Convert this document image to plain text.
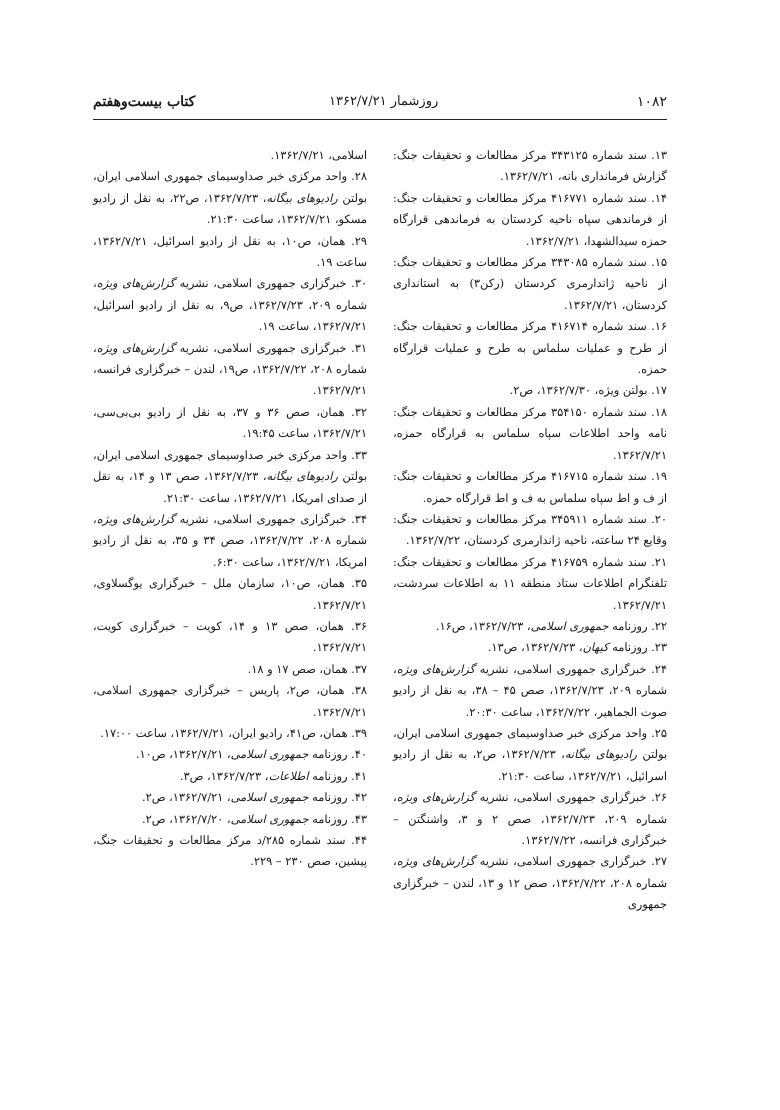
۱۰۸۲
روزشمار ۱۳۶۲/۷/۲۱
کتاب بیست‌وهفتم

۱۳. سند شماره ۳۴۳۱۲۵ مرکز مطالعات و تحقیقات جنگ: گزارش فرمانداری بانه، ۱۳۶۲/۷/۲۱.

۱۴. سند شماره ۴۱۶۷۷۱ مرکز مطالعات و تحقیقات جنگ: از فرماندهی سپاه ناحیه کردستان به فرماندهی قرارگاه حمزه سیدالشهدا، ۱۳۶۲/۷/۲۱.

۱۵. سند شماره ۳۴۳۰۸۵ مرکز مطالعات و تحقیقات جنگ: از ناحیه ژاندارمری کردستان (رکن۳) به استانداری کردستان، ۱۳۶۲/۷/۲۱.

۱۶. سند شماره ۴۱۶۷۱۴ مرکز مطالعات و تحقیقات جنگ: از طرح و عملیات سلماس به طرح و عملیات قرارگاه حمزه.

۱۷. بولتن ویژه، ۱۳۶۲/۷/۳۰، ص۲.

۱۸. سند شماره ۳۵۴۱۵۰ مرکز مطالعات و تحقیقات جنگ: نامه واحد اطلاعات سپاه سلماس به قرارگاه حمزه، ۱۳۶۲/۷/۲۱.

۱۹. سند شماره ۴۱۶۷۱۵ مرکز مطالعات و تحقیقات جنگ: از ف و اط سپاه سلماس به ف و اط قرارگاه حمزه.

۲۰. سند شماره ۳۴۵۹۱۱ مرکز مطالعات و تحقیقات جنگ: وقایع ۲۴ ساعته، ناحیه ژاندارمری کردستان، ۱۳۶۲/۷/۲۲.

۲۱. سند شماره ۴۱۶۷۵۹ مرکز مطالعات و تحقیقات جنگ: تلفنگرام اطلاعات ستاد منطقه ۱۱ به اطلاعات سردشت، ۱۳۶۲/۷/۲۱.

۲۲. روزنامه جمهوری اسلامی، ۱۳۶۲/۷/۲۳، ص۱۶.

۲۳. روزنامه کیهان، ۱۳۶۲/۷/۲۳، ص۱۳.

۲۴. خبرگزاری جمهوری اسلامی، نشریه گزارش‌های ویژه، شماره ۲۰۹، ۱۳۶۲/۷/۲۳، صص ۴۵ – ۳۸، به نقل از رادیو صوت الجماهیر، ۱۳۶۲/۷/۲۲، ساعت ۲۰:۳۰.

۲۵. واحد مرکزی خبر صداوسیمای جمهوری اسلامی ایران، بولتن رادیوهای بیگانه، ۱۳۶۲/۷/۲۳، ص۲، به نقل از رادیو اسرائیل، ۱۳۶۲/۷/۲۱، ساعت ۲۱:۳۰.

۲۶. خبرگزاری جمهوری اسلامی، نشریه گزارش‌های ویژه، شماره ۲۰۹، ۱۳۶۲/۷/۲۳، صص ۲ و ۳، واشنگتن – خبرگزاری فرانسه، ۱۳۶۲/۷/۲۲.

۲۷. خبرگزاری جمهوری اسلامی، نشریه گزارش‌های ویژه، شماره ۲۰۸، ۱۳۶۲/۷/۲۲، صص ۱۲ و ۱۳، لندن – خبرگزاری جمهوری

اسلامی، ۱۳۶۲/۷/۲۱.

۲۸. واحد مرکزی خبر صداوسیمای جمهوری اسلامی ایران، بولتن رادیوهای بیگانه، ۱۳۶۲/۷/۲۳، ص۲۲، به نقل از رادیو مسکو، ۱۳۶۲/۷/۲۱، ساعت ۲۱:۳۰.

۲۹. همان، ص۱۰، به نقل از رادیو اسرائیل، ۱۳۶۲/۷/۲۱، ساعت ۱۹.

۳۰. خبرگزاری جمهوری اسلامی، نشریه گزارش‌های ویژه، شماره ۲۰۹، ۱۳۶۲/۷/۲۳، ص۹، به نقل از رادیو اسرائیل، ۱۳۶۲/۷/۲۱، ساعت ۱۹.

۳۱. خبرگزاری جمهوری اسلامی، نشریه گزارش‌های ویژه، شماره ۲۰۸، ۱۳۶۲/۷/۲۲، ص۱۹، لندن – خبرگزاری فرانسه، ۱۳۶۲/۷/۲۱.

۳۲. همان، صص ۳۶ و ۳۷، به نقل از رادیو بی‌بی‌سی، ۱۳۶۲/۷/۲۱، ساعت ۱۹:۴۵.

۳۳. واحد مرکزی خبر صداوسیمای جمهوری اسلامی ایران، بولتن رادیوهای بیگانه، ۱۳۶۲/۷/۲۳، صص ۱۳ و ۱۴، به نقل از صدای امریکا، ۱۳۶۲/۷/۲۱، ساعت ۲۱:۳۰.

۳۴. خبرگزاری جمهوری اسلامی، نشریه گزارش‌های ویژه، شماره ۲۰۸، ۱۳۶۲/۷/۲۲، صص ۳۴ و ۳۵، به نقل از رادیو امریکا، ۱۳۶۲/۷/۲۱، ساعت ۶:۳۰.

۳۵. همان، ص۱۰، سازمان ملل – خبرگزاری یوگسلاوی، ۱۳۶۲/۷/۲۱.

۳۶. همان، صص ۱۳ و ۱۴، کویت – خبرگزاری کویت، ۱۳۶۲/۷/۲۱.

۳۷. همان، صص ۱۷ و ۱۸.

۳۸. همان، ص۲، پاریس – خبرگزاری جمهوری اسلامی، ۱۳۶۲/۷/۲۱.

۳۹. همان، ص۴۱، رادیو ایران، ۱۳۶۲/۷/۲۱، ساعت ۱۷:۰۰.

۴۰. روزنامه جمهوری اسلامی، ۱۳۶۲/۷/۲۱، ص۱۰.

۴۱. روزنامه اطلاعات، ۱۳۶۲/۷/۲۳، ص۳.

۴۲. روزنامه جمهوری اسلامی، ۱۳۶۲/۷/۲۱، ص۲.

۴۳. روزنامه جمهوری اسلامی، ۱۳۶۲/۷/۲۰، ص۲.

۴۴. سند شماره ۲۸۵/د مرکز مطالعات و تحقیقات جنگ، پیشین، صص ۲۳۰ – ۲۲۹.
